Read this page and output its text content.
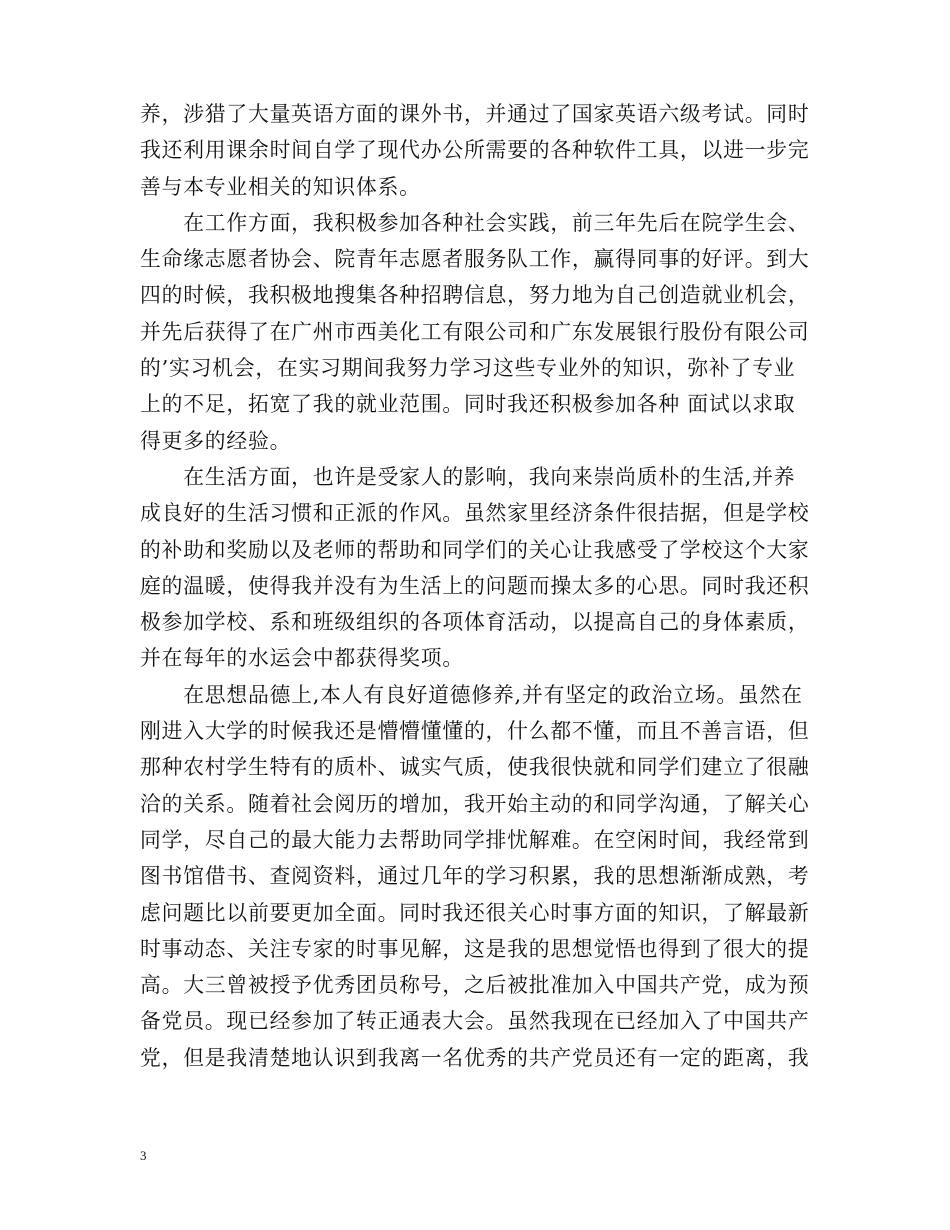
养，涉猎了大量英语方面的课外书，并通过了国家英语六级考试。同时
我还利用课余时间自学了现代办公所需要的各种软件工具，以进一步完
善与本专业相关的知识体系。
　　在工作方面，我积极参加各种社会实践，前三年先后在院学生会、
生命缘志愿者协会、院青年志愿者服务队工作，赢得同事的好评。到大
四的时候，我积极地搜集各种招聘信息，努力地为自己创造就业机会，
并先后获得了在广州市西美化工有限公司和广东发展银行股份有限公司
的’实习机会，在实习期间我努力学习这些专业外的知识，弥补了专业
上的不足，拓宽了我的就业范围。同时我还积极参加各种 面试以求取
得更多的经验。
　　在生活方面，也许是受家人的影响，我向来崇尚质朴的生活,并养
成良好的生活习惯和正派的作风。虽然家里经济条件很拮据，但是学校
的补助和奖励以及老师的帮助和同学们的关心让我感受了学校这个大家
庭的温暖，使得我并没有为生活上的问题而操太多的心思。同时我还积
极参加学校、系和班级组织的各项体育活动，以提高自己的身体素质，
并在每年的水运会中都获得奖项。
　　在思想品德上,本人有良好道德修养,并有坚定的政治立场。虽然在
刚进入大学的时候我还是懵懵懂懂的，什么都不懂，而且不善言语，但
那种农村学生特有的质朴、诚实气质，使我很快就和同学们建立了很融
洽的关系。随着社会阅历的增加，我开始主动的和同学沟通，了解关心
同学，尽自己的最大能力去帮助同学排忧解难。在空闲时间，我经常到
图书馆借书、查阅资料，通过几年的学习积累，我的思想渐渐成熟，考
虑问题比以前要更加全面。同时我还很关心时事方面的知识，了解最新
时事动态、关注专家的时事见解，这是我的思想觉悟也得到了很大的提
高。大三曾被授予优秀团员称号，之后被批准加入中国共产党，成为预
备党员。现已经参加了转正通表大会。虽然我现在已经加入了中国共产
党，但是我清楚地认识到我离一名优秀的共产党员还有一定的距离，我
3
